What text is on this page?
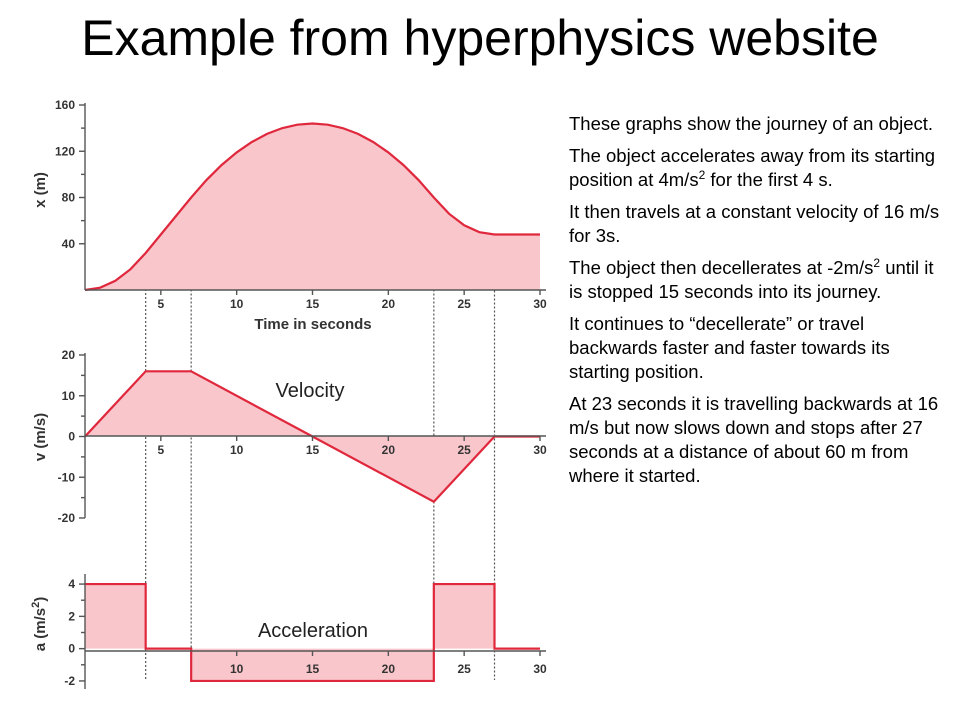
Example from hyperphysics website
Time in seconds
x (m)
40
80
120
160
5	10	15	20	25	30
Velocity
v (m/s)
20
10
0
-10
-20
5	10	15	20	25	30
Acceleration
a $(m/s^2)$
4
2
0
-2
10	15	20	25	30

These graphs show the journey of an object.

The object accelerates away from its starting position at $4m/s^2$ for the first 4 s.

It then travels at a constant velocity of 16 m/s for 3s.

The object then decellerates at $-2m/s^2$ until it is stopped 15 seconds into its journey.

It continues to “decellerate” or travel backwards faster and faster towards its starting position.

At 23 seconds it is travelling backwards at 16 m/s but now slows down and stops after 27 seconds at a distance of about 60 m from where it started.
